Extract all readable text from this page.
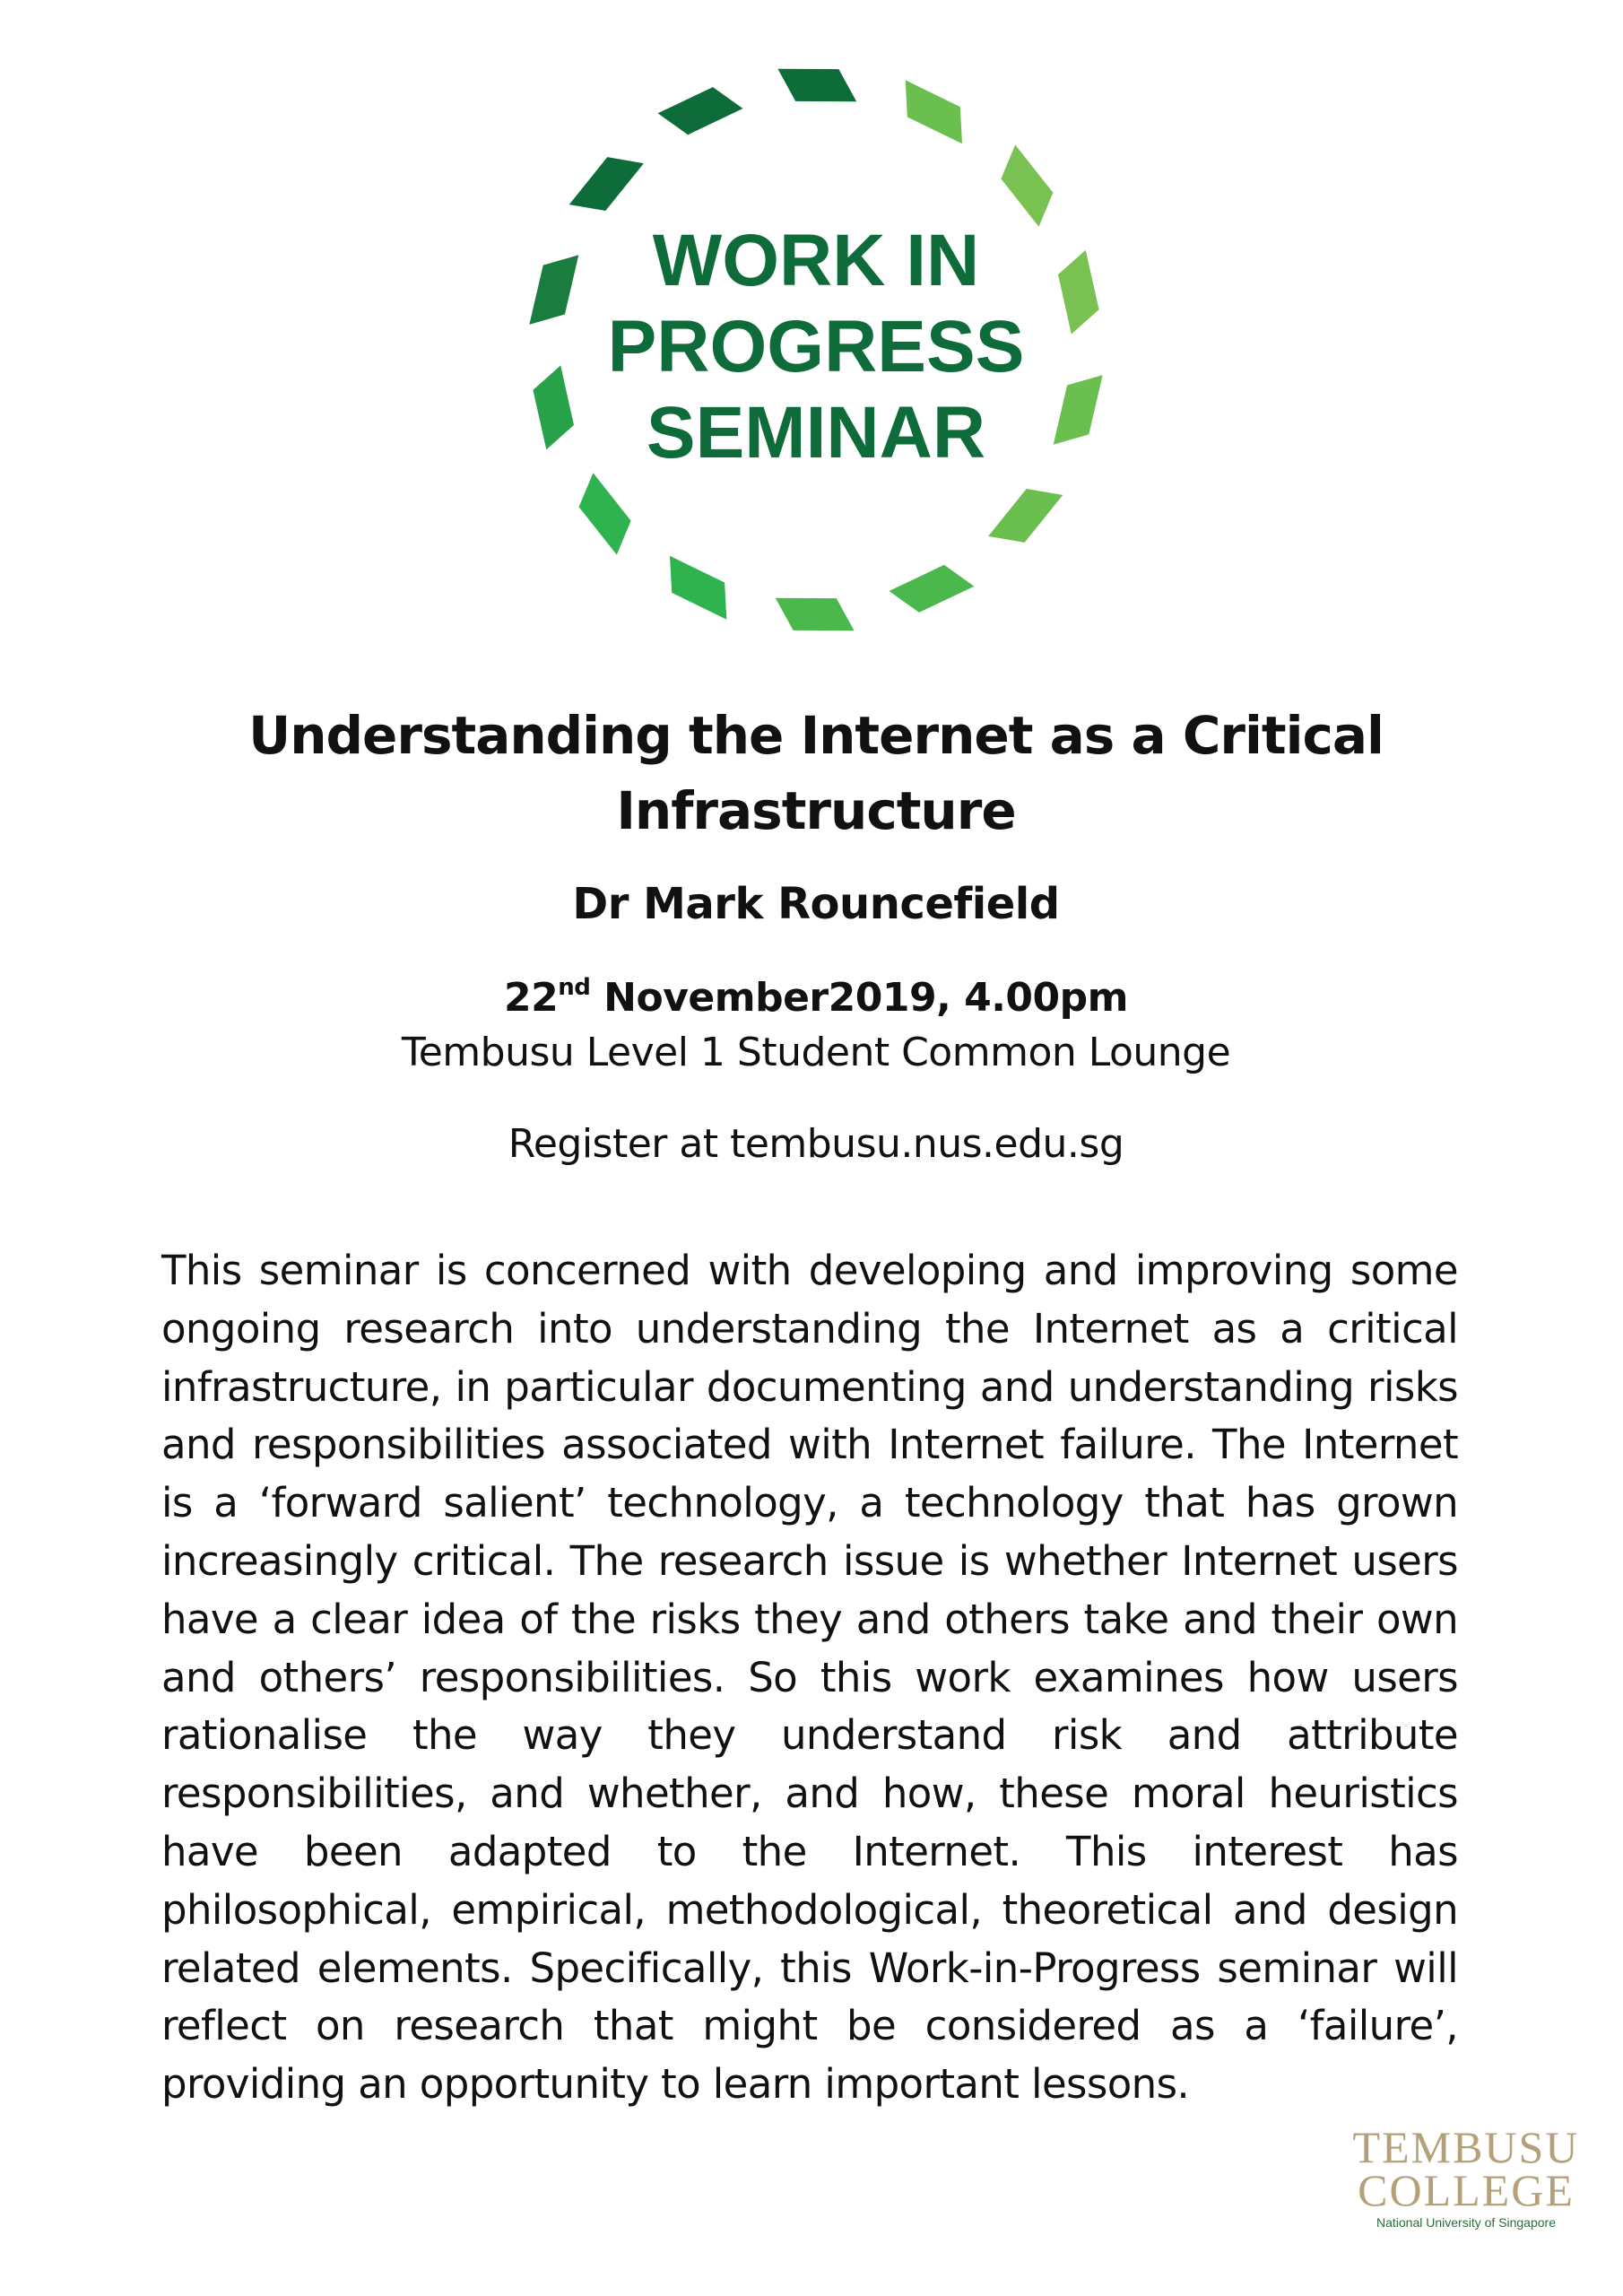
WORK IN
PROGRESS
SEMINAR
Understanding the Internet as a Critical Infrastructure
Dr Mark Rouncefield
22nd November2019, 4.00pm
Tembusu Level 1 Student Common Lounge
Register at tembusu.nus.edu.sg
This seminar is concerned with developing and improving some ongoing research into understanding the Internet as a critical infrastructure, in particular documenting and understanding risks and responsibilities associated with Internet failure. The Internet is a ‘forward salient’ technology, a technology that has grown increasingly critical. The research issue is whether Internet users have a clear idea of the risks they and others take and their own and others’ responsibilities. So this work examines how users rationalise the way they understand risk and attribute responsibilities, and whether, and how, these moral heuristics have been adapted to the Internet. This interest has philosophical, empirical, methodological, theoretical and design related elements. Specifically, this Work-in-Progress seminar will reflect on research that might be considered as a ‘failure’, providing an opportunity to learn important lessons.
TEMBUSU
COLLEGE
National University of Singapore
